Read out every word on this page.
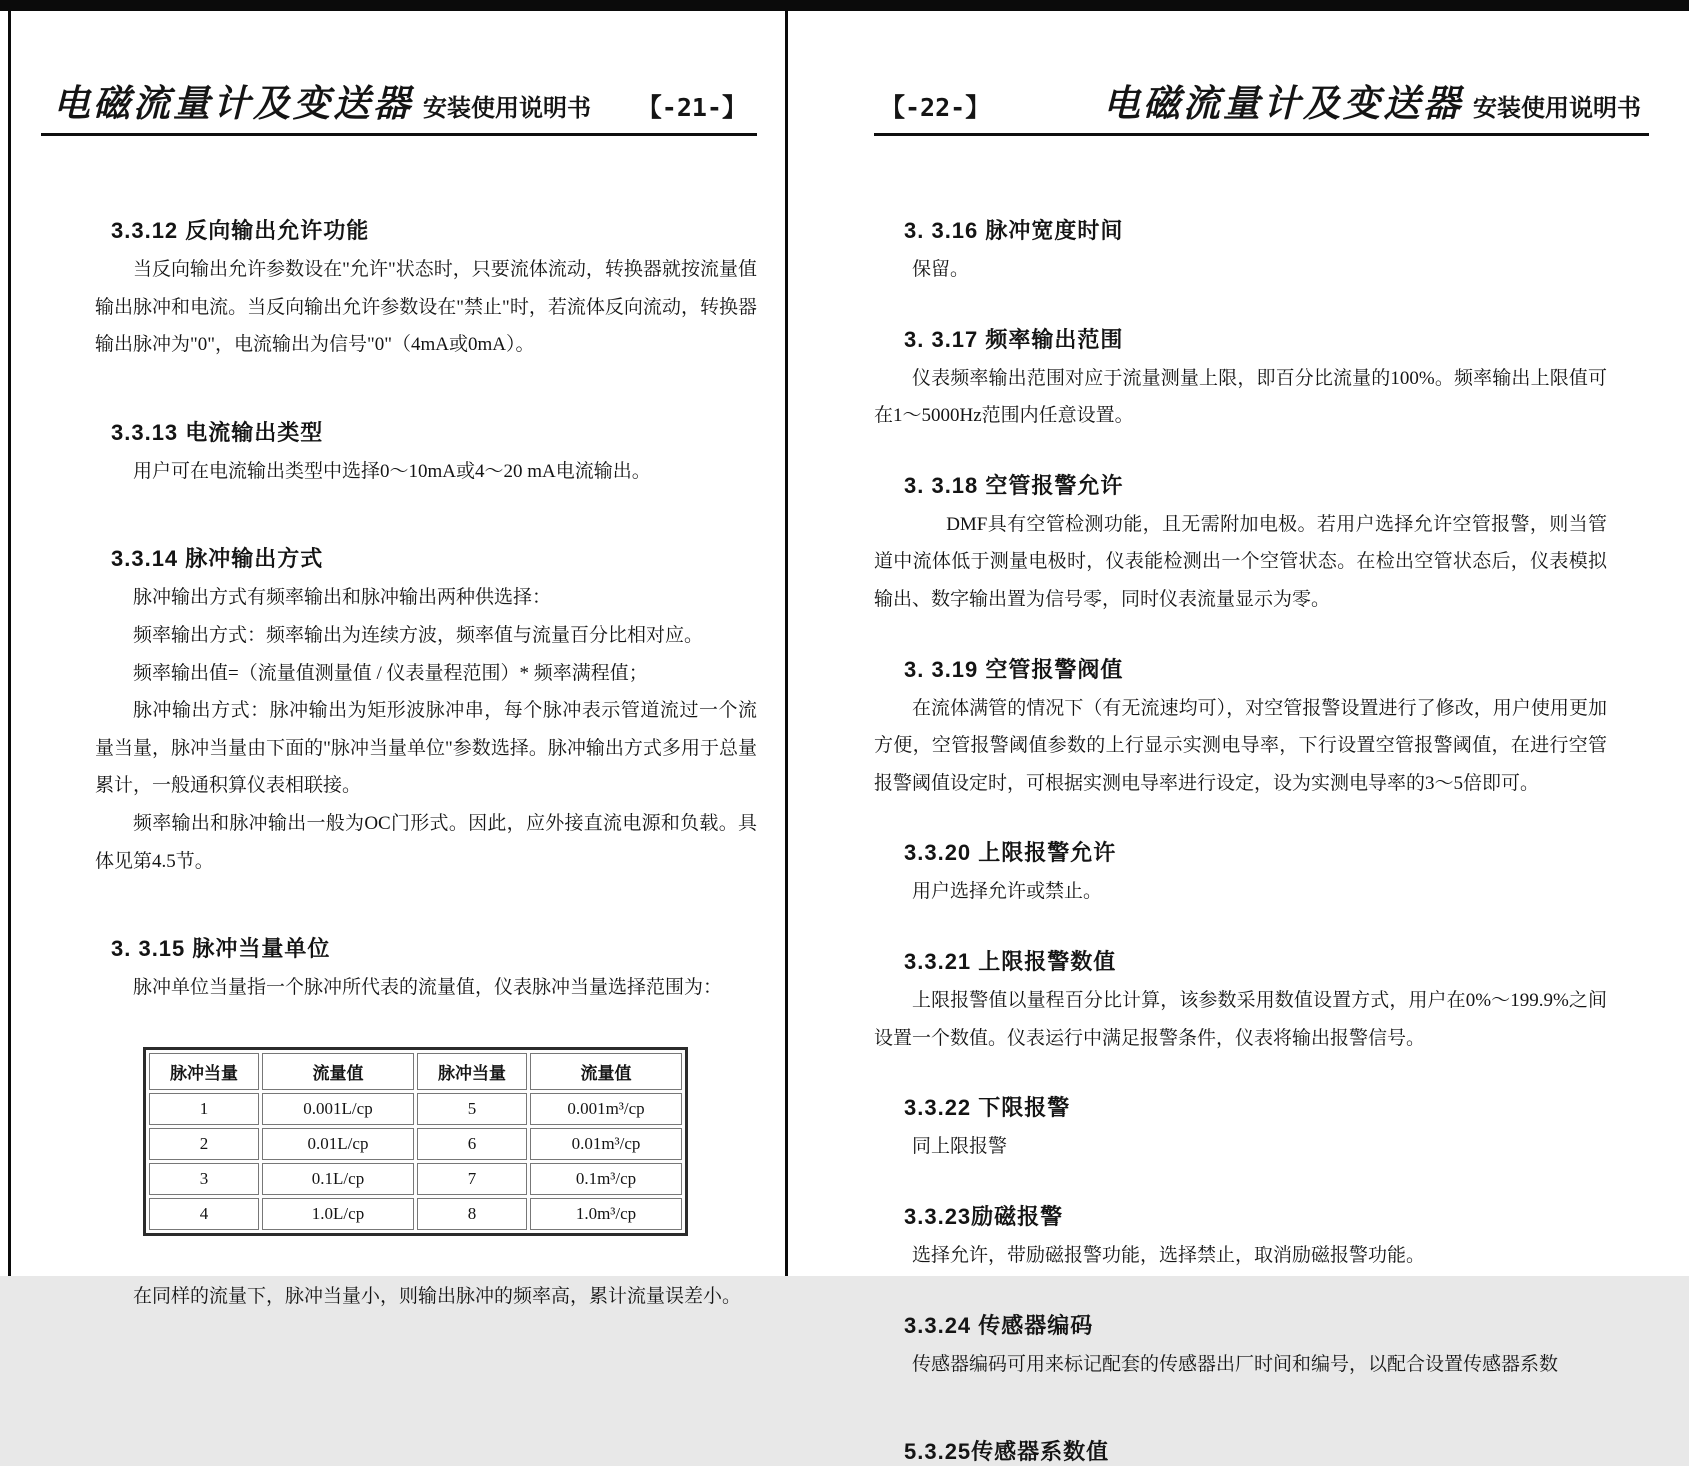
电磁流量计及变送器 安装使用说明书 【-21-】
3.3.12 反向输出允许功能

当反向输出允许参数设在"允许"状态时，只要流体流动，转换器就按流量值输出脉冲和电流。当反向输出允许参数设在"禁止"时，若流体反向流动，转换器输出脉冲为"0"，电流输出为信号"0"（4mA或0mA）。

3.3.13 电流输出类型

用户可在电流输出类型中选择0～10mA或4～20 mA电流输出。

3.3.14 脉冲输出方式

脉冲输出方式有频率输出和脉冲输出两种供选择：

频率输出方式：频率输出为连续方波，频率值与流量百分比相对应。

频率输出值=（流量值测量值 / 仪表量程范围）* 频率满程值；

脉冲输出方式：脉冲输出为矩形波脉冲串，每个脉冲表示管道流过一个流量当量，脉冲当量由下面的"脉冲当量单位"参数选择。脉冲输出方式多用于总量累计，一般通积算仪表相联接。

频率输出和脉冲输出一般为OC门形式。因此，应外接直流电源和负载。具体见第4.5节。

3. 3.15 脉冲当量单位

脉冲单位当量指一个脉冲所代表的流量值，仪表脉冲当量选择范围为：

脉冲当量	流量值	脉冲当量	流量值
1	0.001L/cp	5	0.001m³/cp
2	0.01L/cp	6	0.01m³/cp
3	0.1L/cp	7	0.1m³/cp
4	1.0L/cp	8	1.0m³/cp

在同样的流量下，脉冲当量小，则输出脉冲的频率高，累计流量误差小。

【-22-】	电磁流量计及变送器 安装使用说明书
3. 3.16 脉冲宽度时间

保留。

3. 3.17 频率输出范围

仪表频率输出范围对应于流量测量上限，即百分比流量的100%。频率输出上限值可在1～5000Hz范围内任意设置。

3. 3.18 空管报警允许

DMF具有空管检测功能，且无需附加电极。若用户选择允许空管报警，则当管道中流体低于测量电极时，仪表能检测出一个空管状态。在检出空管状态后，仪表模拟输出、数字输出置为信号零，同时仪表流量显示为零。

3. 3.19 空管报警阀值

在流体满管的情况下（有无流速均可），对空管报警设置进行了修改，用户使用更加方便，空管报警阈值参数的上行显示实测电导率，下行设置空管报警阈值，在进行空管报警阈值设定时，可根据实测电导率进行设定，设为实测电导率的3～5倍即可。

3.3.20 上限报警允许

用户选择允许或禁止。

3.3.21 上限报警数值

上限报警值以量程百分比计算，该参数采用数值设置方式，用户在0%～199.9%之间设置一个数值。仪表运行中满足报警条件，仪表将输出报警信号。

3.3.22 下限报警

同上限报警

3.3.23励磁报警

选择允许，带励磁报警功能，选择禁止，取消励磁报警功能。

3.3.24 传感器编码

传感器编码可用来标记配套的传感器出厂时间和编号，以配合设置传感器系数

5.3.25传感器系数值
